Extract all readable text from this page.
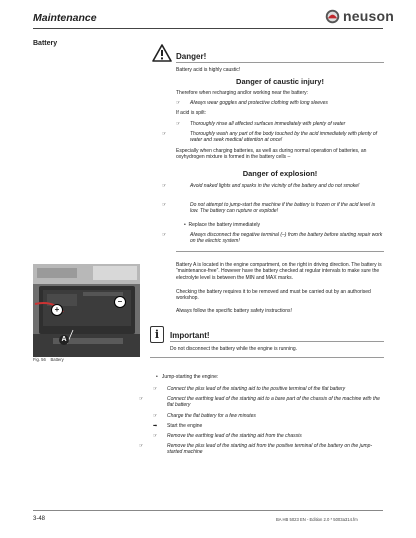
Maintenance	neuson
Battery
Danger!
Battery acid is highly caustic!
Danger of caustic injury!
Therefore when recharging and/or working near the battery:
☞ Always wear goggles and protective clothing with long sleeves
If acid is spilt:
☞ Thoroughly rinse all affected surfaces immediately with plenty of water
☞	Thoroughly wash any part of the body touched by the acid immediately with plenty of water and seek medical attention at once!
Especially when charging batteries, as well as during normal operation of batteries, an oxyhydrogen mixture is formed in the battery cells –
Danger of explosion!
☞	Avoid naked lights and sparks in the vicinity of the battery and do not smoke!
☞	Do not attempt to jump-start the machine if the battery is frozen or if the acid level is low. The battery can rupture or explode!
•  Replace the battery immediately
☞	Always disconnect the negative terminal (–) from the battery before starting repair work on the electric system!
+
–
A
Fig. 56 Battery
Battery A is located in the engine compartment, on the right in driving direction. The battery is “maintenance-free”. However have the battery checked at regular intervals to make sure the electrolyte level is between the MIN and MAX marks.
Checking the battery requires it to be removed and must be carried out by an authorised workshop.
Always follow the specific battery safety instructions!
i	Important!
Do not disconnect the battery while the engine is running.
•   Jump-starting the engine:
☞ Connect the plus lead of the starting aid to the positive terminal of the flat battery
☞	Connect the earthing lead of the starting aid to a bare part of the chassis of the machine with the flat battery
☞ Charge the flat battery for a few minutes
➡ Start the engine
☞ Remove the earthing lead of the starting aid from the chassis
☞	Remove the plus lead of the starting aid from the positive terminal of the battery on the jump-started machine
3-48	BA HB 5023 EN - Edition 2.0 * 5003a314.fm
